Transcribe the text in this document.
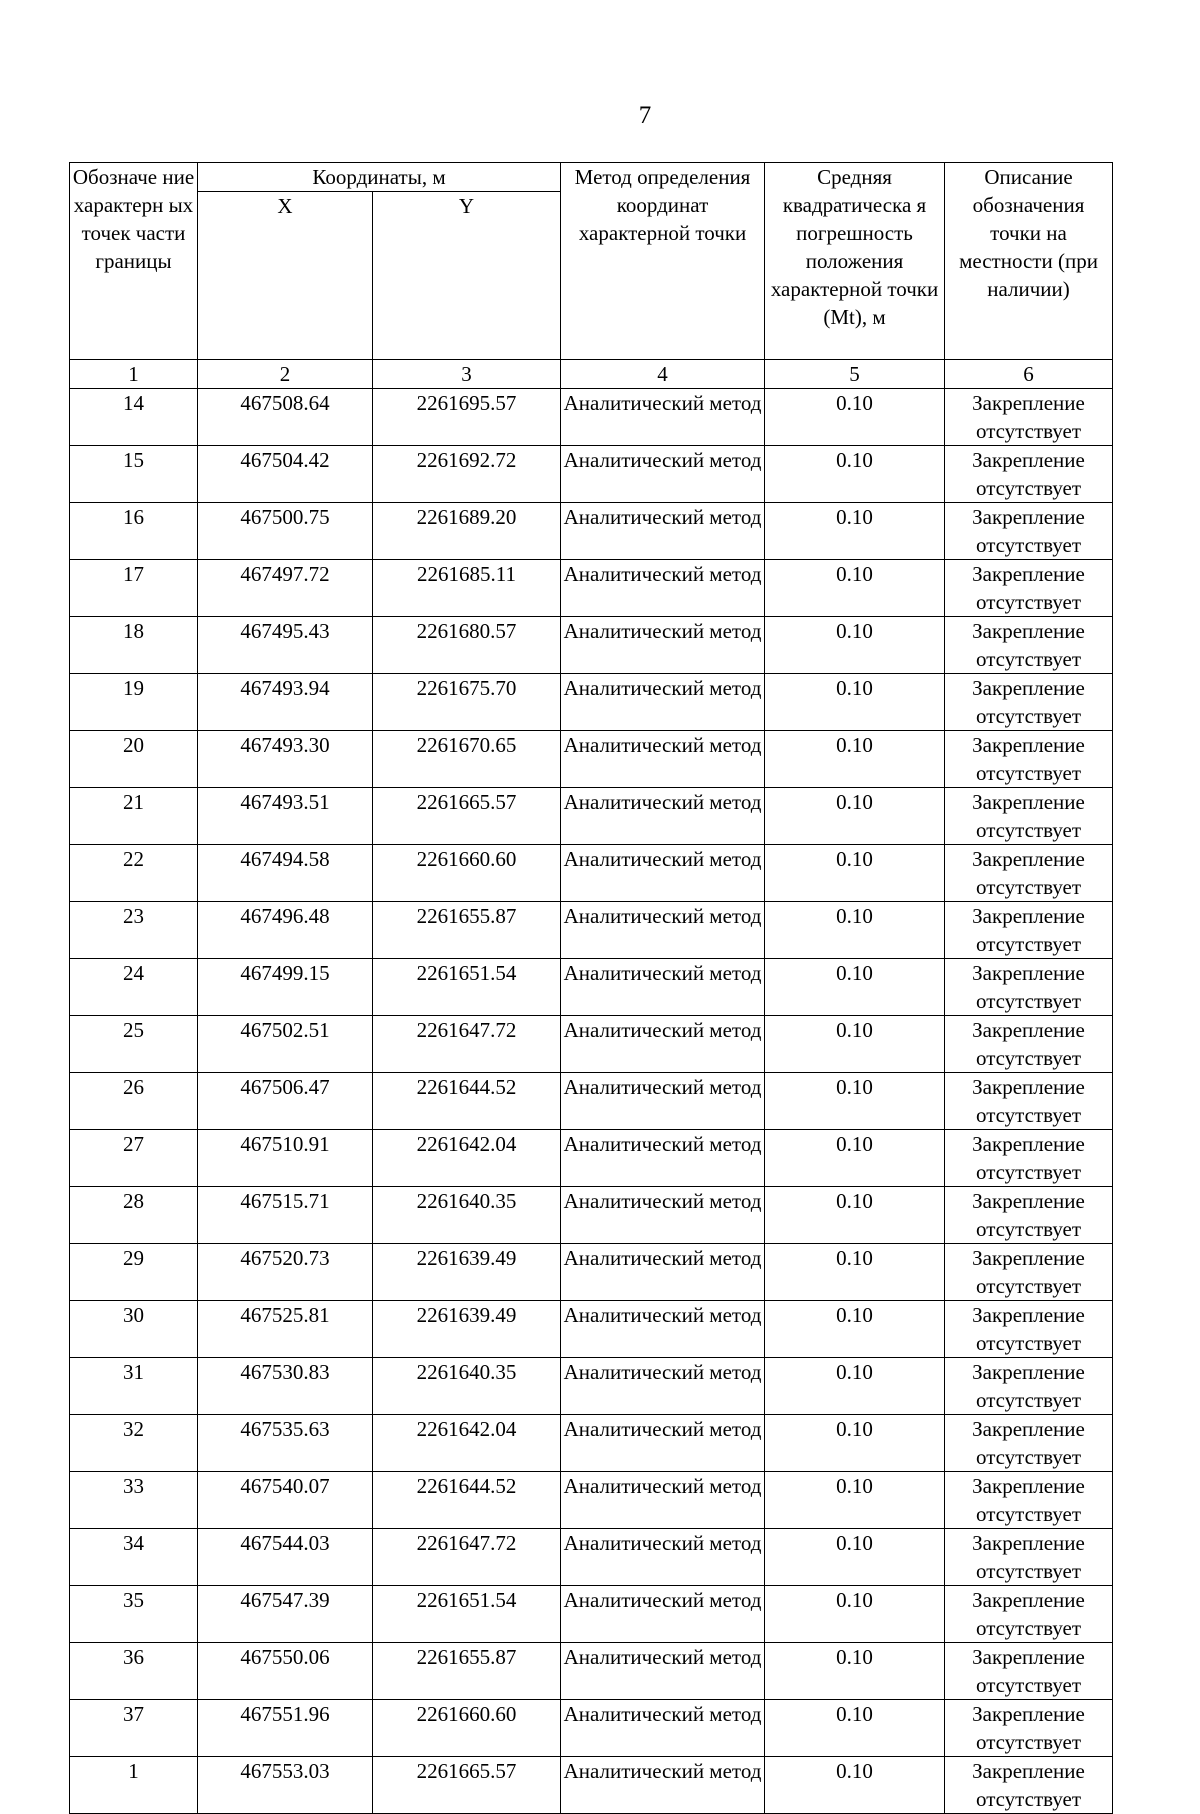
7
Обозначе ние характерн ых точек части границы	Координаты, м		Метод определения координат характерной точки	Средняя квадратическа я погрешность положения характерной точки (Mt), м	Описание обозначения точки на местности (при наличии)
	X	Y			
1	2	3	4	5	6
14	467508.64	2261695.57	Аналитический метод	0.10	Закрепление отсутствует
15	467504.42	2261692.72	Аналитический метод	0.10	Закрепление отсутствует
16	467500.75	2261689.20	Аналитический метод	0.10	Закрепление отсутствует
17	467497.72	2261685.11	Аналитический метод	0.10	Закрепление отсутствует
18	467495.43	2261680.57	Аналитический метод	0.10	Закрепление отсутствует
19	467493.94	2261675.70	Аналитический метод	0.10	Закрепление отсутствует
20	467493.30	2261670.65	Аналитический метод	0.10	Закрепление отсутствует
21	467493.51	2261665.57	Аналитический метод	0.10	Закрепление отсутствует
22	467494.58	2261660.60	Аналитический метод	0.10	Закрепление отсутствует
23	467496.48	2261655.87	Аналитический метод	0.10	Закрепление отсутствует
24	467499.15	2261651.54	Аналитический метод	0.10	Закрепление отсутствует
25	467502.51	2261647.72	Аналитический метод	0.10	Закрепление отсутствует
26	467506.47	2261644.52	Аналитический метод	0.10	Закрепление отсутствует
27	467510.91	2261642.04	Аналитический метод	0.10	Закрепление отсутствует
28	467515.71	2261640.35	Аналитический метод	0.10	Закрепление отсутствует
29	467520.73	2261639.49	Аналитический метод	0.10	Закрепление отсутствует
30	467525.81	2261639.49	Аналитический метод	0.10	Закрепление отсутствует
31	467530.83	2261640.35	Аналитический метод	0.10	Закрепление отсутствует
32	467535.63	2261642.04	Аналитический метод	0.10	Закрепление отсутствует
33	467540.07	2261644.52	Аналитический метод	0.10	Закрепление отсутствует
34	467544.03	2261647.72	Аналитический метод	0.10	Закрепление отсутствует
35	467547.39	2261651.54	Аналитический метод	0.10	Закрепление отсутствует
36	467550.06	2261655.87	Аналитический метод	0.10	Закрепление отсутствует
37	467551.96	2261660.60	Аналитический метод	0.10	Закрепление отсутствует
1	467553.03	2261665.57	Аналитический метод	0.10	Закрепление отсутствует
